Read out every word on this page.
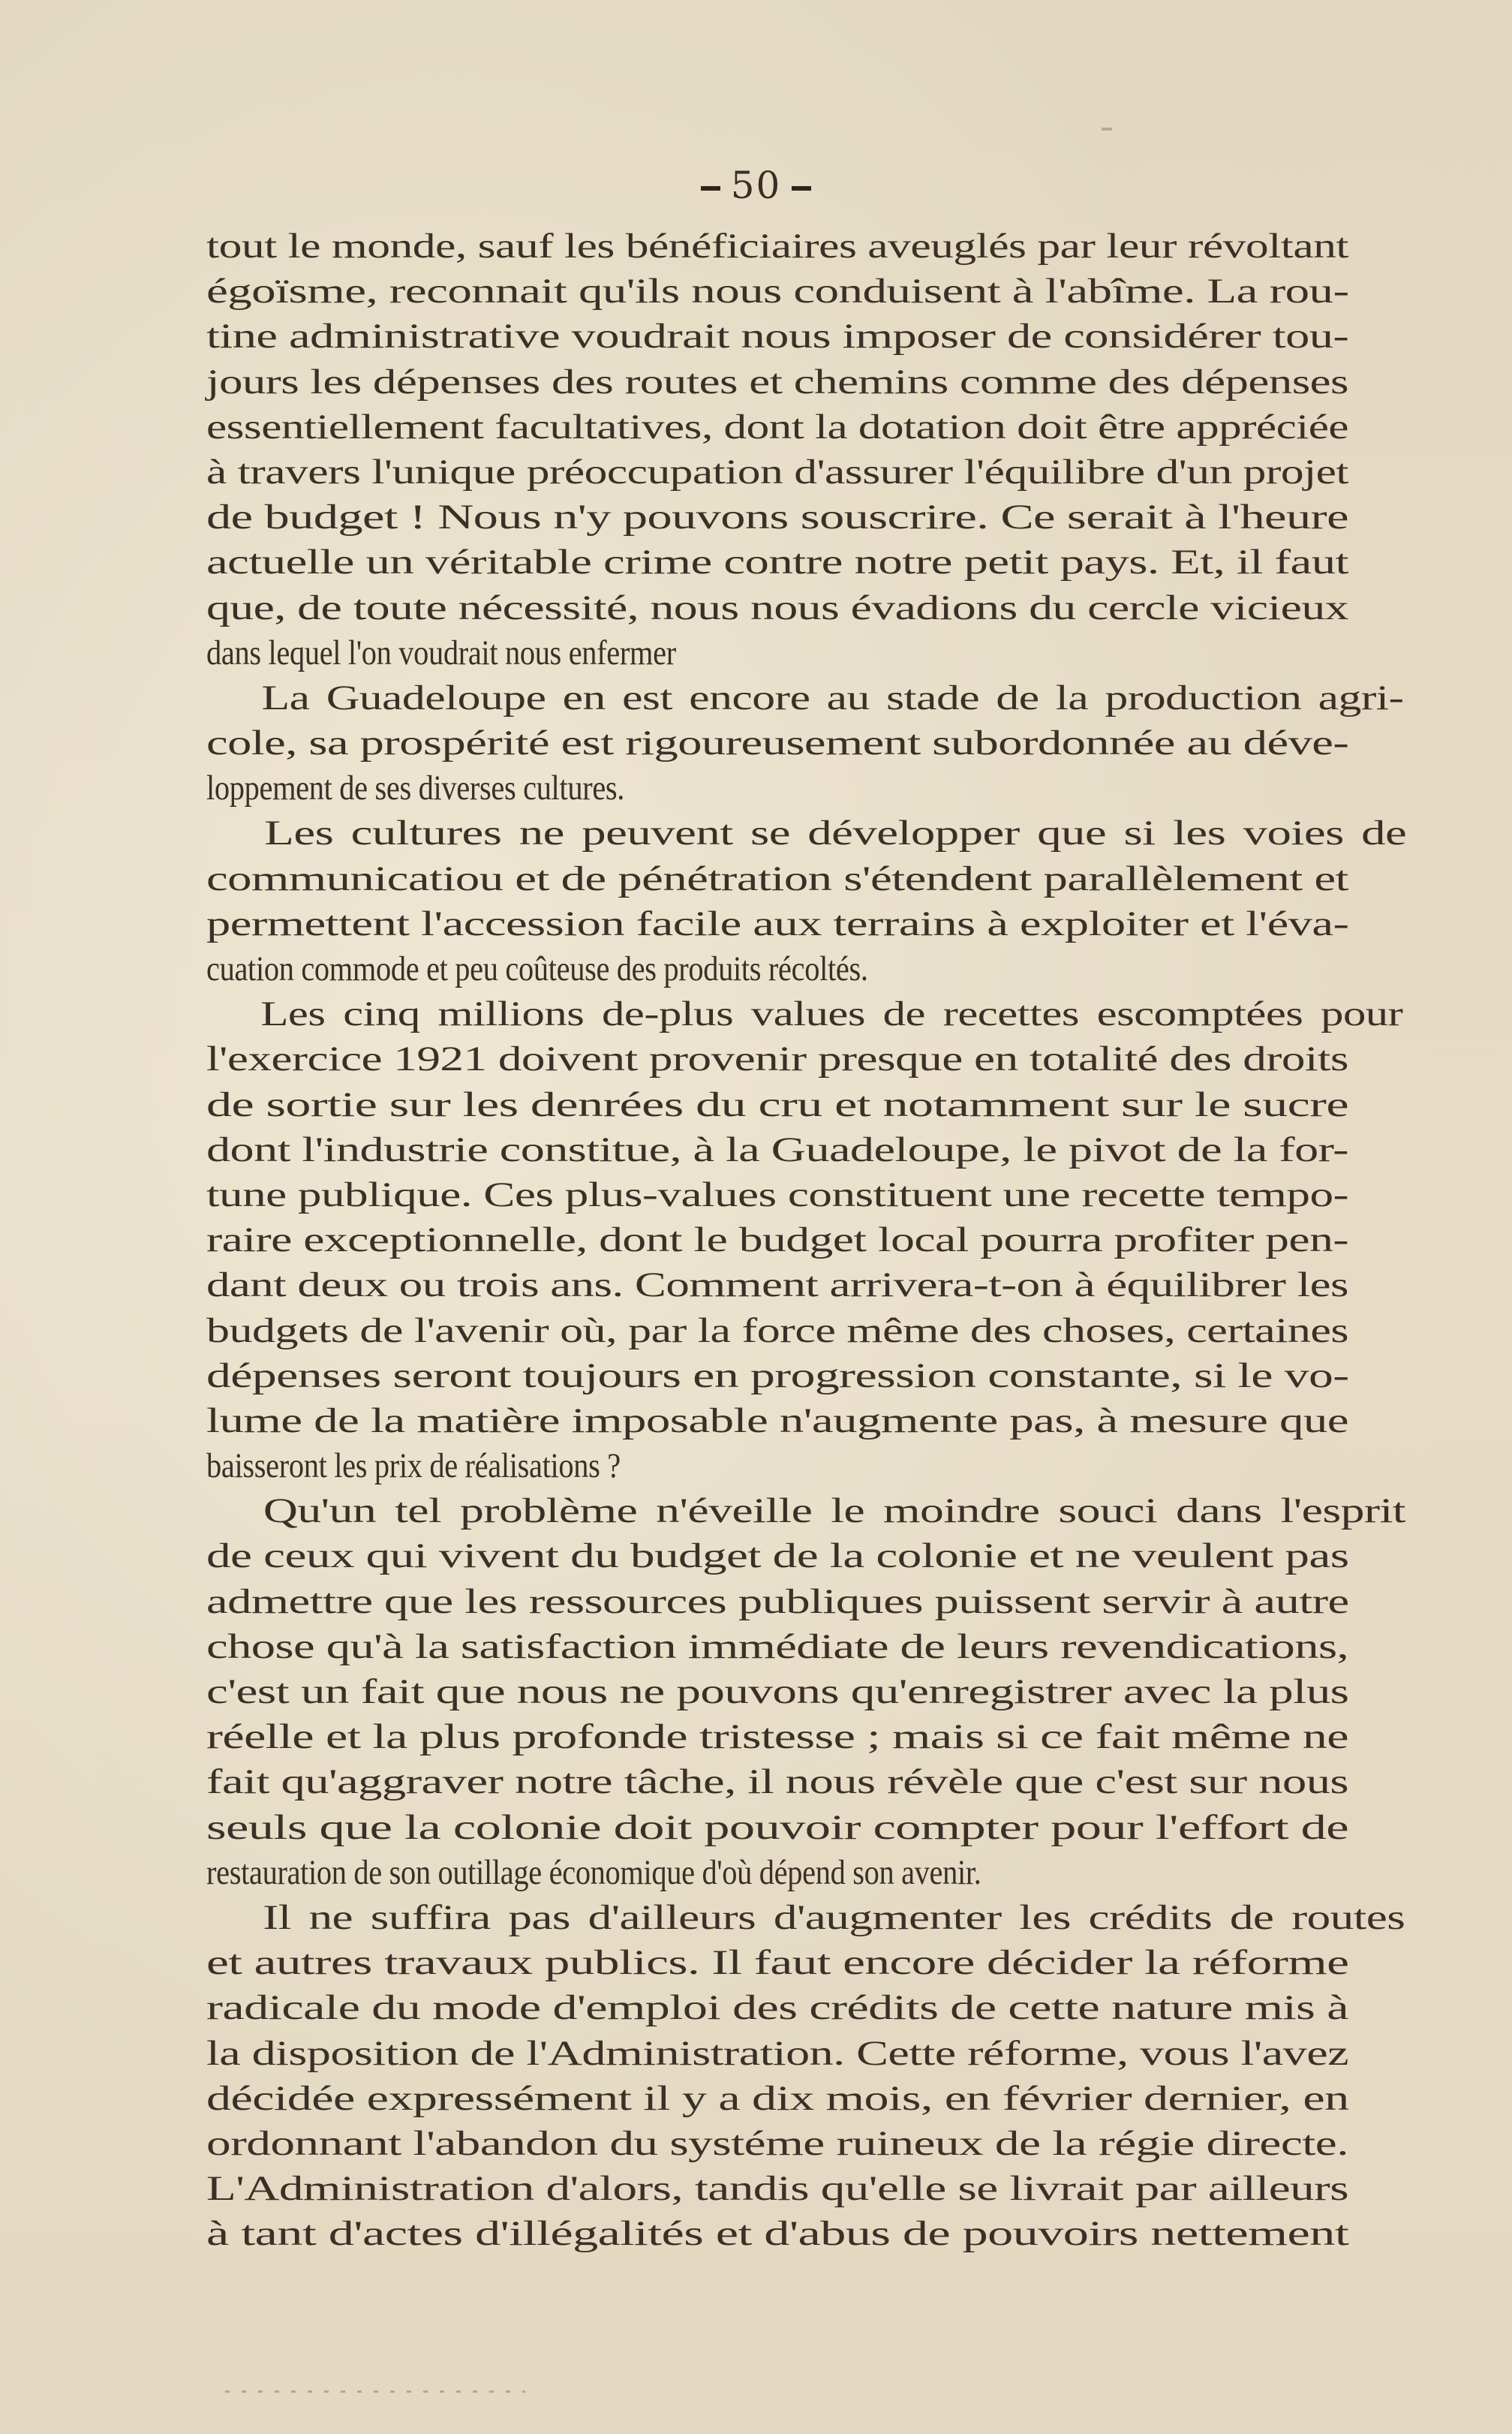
50
tout le monde, sauf les bénéficiaires aveuglés par leur révoltant
égoïsme, reconnait qu'ils nous conduisent à l'abîme. La rou-
tine administrative voudrait nous imposer de considérer tou-
jours les dépenses des routes et chemins comme des dépenses
essentiellement facultatives, dont la dotation doit être appréciée
à travers l'unique préoccupation d'assurer l'équilibre d'un projet
de budget ! Nous n'y pouvons souscrire. Ce serait à l'heure
actuelle un véritable crime contre notre petit pays. Et, il faut
que, de toute nécessité, nous nous évadions du cercle vicieux
dans lequel l'on voudrait nous enfermer
La Guadeloupe en est encore au stade de la production agri-
cole, sa prospérité est rigoureusement subordonnée au déve-
loppement de ses diverses cultures.
Les cultures ne peuvent se développer que si les voies de
communicatiou et de pénétration s'étendent parallèlement et
permettent l'accession facile aux terrains à exploiter et l'éva-
cuation commode et peu coûteuse des produits récoltés.
Les cinq millions de-plus values de recettes escomptées pour
l'exercice 1921 doivent provenir presque en totalité des droits
de sortie sur les denrées du cru et notamment sur le sucre
dont l'industrie constitue, à la Guadeloupe, le pivot de la for-
tune publique. Ces plus-values constituent une recette tempo-
raire exceptionnelle, dont le budget local pourra profiter pen-
dant deux ou trois ans. Comment arrivera-t-on à équilibrer les
budgets de l'avenir où, par la force même des choses, certaines
dépenses seront toujours en progression constante, si le vo-
lume de la matière imposable n'augmente pas, à mesure que
baisseront les prix de réalisations ?
Qu'un tel problème n'éveille le moindre souci dans l'esprit
de ceux qui vivent du budget de la colonie et ne veulent pas
admettre que les ressources publiques puissent servir à autre
chose qu'à la satisfaction immédiate de leurs revendications,
c'est un fait que nous ne pouvons qu'enregistrer avec la plus
réelle et la plus profonde tristesse ; mais si ce fait même ne
fait qu'aggraver notre tâche, il nous révèle que c'est sur nous
seuls que la colonie doit pouvoir compter pour l'effort de
restauration de son outillage économique d'où dépend son avenir.
Il ne suffira pas d'ailleurs d'augmenter les crédits de routes
et autres travaux publics. Il faut encore décider la réforme
radicale du mode d'emploi des crédits de cette nature mis à
la disposition de l'Administration. Cette réforme, vous l'avez
décidée expressément il y a dix mois, en février dernier, en
ordonnant l'abandon du systéme ruineux de la régie directe.
L'Administration d'alors, tandis qu'elle se livrait par ailleurs
à tant d'actes d'illégalités et d'abus de pouvoirs nettement
